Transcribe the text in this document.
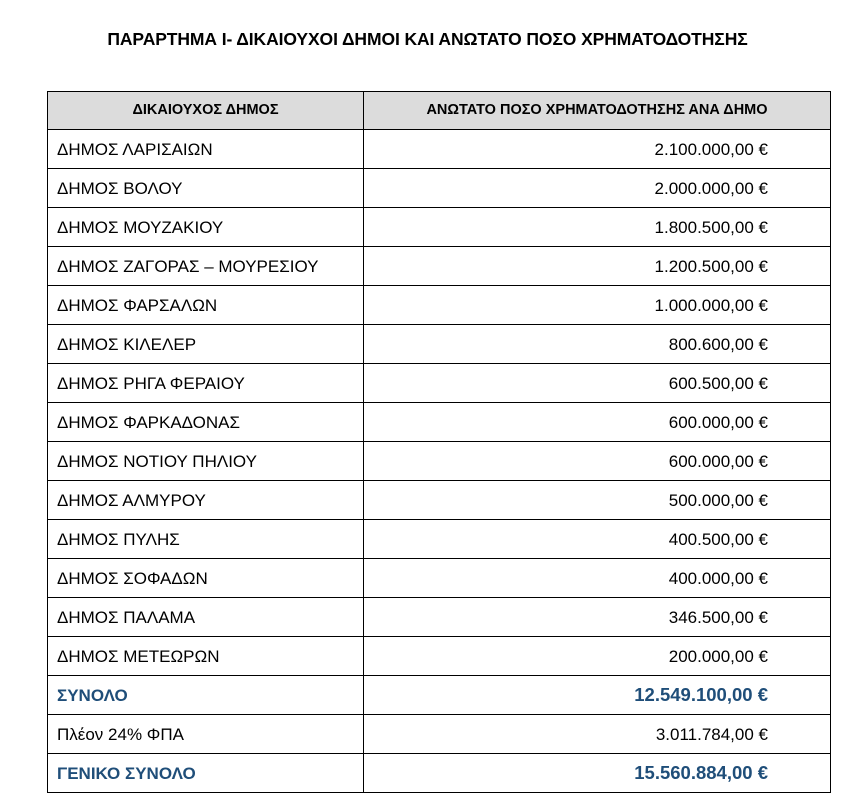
ΠΑΡΑΡΤΗΜΑ Ι- ΔΙΚΑΙΟΥΧΟΙ ΔΗΜΟΙ ΚΑΙ ΑΝΩΤΑΤΟ ΠΟΣΟ ΧΡΗΜΑΤΟΔΟΤΗΣΗΣ
ΔΙΚΑΙΟΥΧΟΣ ΔΗΜΟΣ	ΑΝΩΤΑΤΟ ΠΟΣΟ ΧΡΗΜΑΤΟΔΟΤΗΣΗΣ ΑΝΑ ΔΗΜΟ
ΔΗΜΟΣ ΛΑΡΙΣΑΙΩΝ	2.100.000,00 €
ΔΗΜΟΣ ΒΟΛΟΥ	2.000.000,00 €
ΔΗΜΟΣ ΜΟΥΖΑΚΙΟΥ	1.800.500,00 €
ΔΗΜΟΣ ΖΑΓΟΡΑΣ – ΜΟΥΡΕΣΙΟΥ	1.200.500,00 €
ΔΗΜΟΣ ΦΑΡΣΑΛΩΝ	1.000.000,00 €
ΔΗΜΟΣ ΚΙΛΕΛΕΡ	800.600,00 €
ΔΗΜΟΣ ΡΗΓΑ ΦΕΡΑΙΟΥ	600.500,00 €
ΔΗΜΟΣ ΦΑΡΚΑΔΟΝΑΣ	600.000,00 €
ΔΗΜΟΣ ΝΟΤΙΟΥ ΠΗΛΙΟΥ	600.000,00 €
ΔΗΜΟΣ ΑΛΜΥΡΟΥ	500.000,00 €
ΔΗΜΟΣ ΠΥΛΗΣ	400.500,00 €
ΔΗΜΟΣ ΣΟΦΑΔΩΝ	400.000,00 €
ΔΗΜΟΣ ΠΑΛΑΜΑ	346.500,00 €
ΔΗΜΟΣ ΜΕΤΕΩΡΩΝ	200.000,00 €
ΣΥΝΟΛΟ	12.549.100,00 €
Πλέον 24% ΦΠΑ	3.011.784,00 €
ΓΕΝΙΚΟ ΣΥΝΟΛΟ	15.560.884,00 €
